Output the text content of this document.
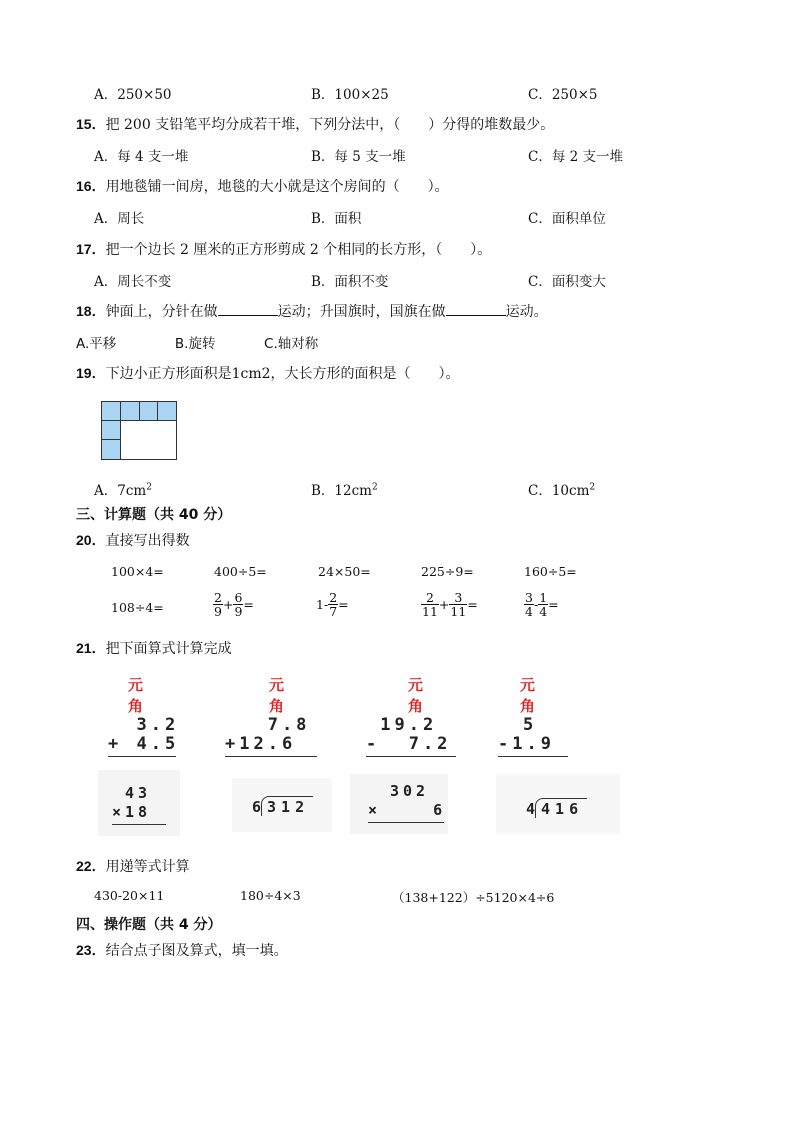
A．250×50	B．100×25	C．250×5
15．把 200 支铅笔平均分成若干堆，下列分法中，（　　）分得的堆数最少。
A．每 4 支一堆	B．每 5 支一堆	C．每 2 支一堆
16．用地毯铺一间房，地毯的大小就是这个房间的（　　）。
A．周长	B．面积	C．面积单位
17．把一个边长 2 厘米的正方形剪成 2 个相同的长方形，（　　）。
A．周长不变	B．面积不变	C．面积变大
18．钟面上，分针在做	运动；升国旗时，国旗在做	运动。
A.平移	B.旋转	C.轴对称
19．下边小正方形面积是1cm2，大长方形的面积是（　　）。
A．$7cm^2$	B．$12cm^2$	C．$10cm^2$
三、计算题（共 40 分）
20．直接写出得数
100×4=	400÷5=	24×50=	225÷9=	160÷5=
108÷4=	$\frac{2}{9} + \frac{6}{9}$ =	$1- \frac{2}{7}$ =	$\frac{2}{11} + \frac{3}{11}$ =	$\frac{3}{4} - \frac{1}{4}$ =
21．把下面算式计算完成
元角
3.2
+ 4.5
元角
7.8
+12.6
元角
19.2
-  7.2
元角
5
-1.9
43
×18	6 312
302
×    6	4 416
22．用递等式计算
430-20×11	180÷4×3	（138+122）÷5120×4÷6
四、操作题（共 4 分）
23．结合点子图及算式，填一填。
